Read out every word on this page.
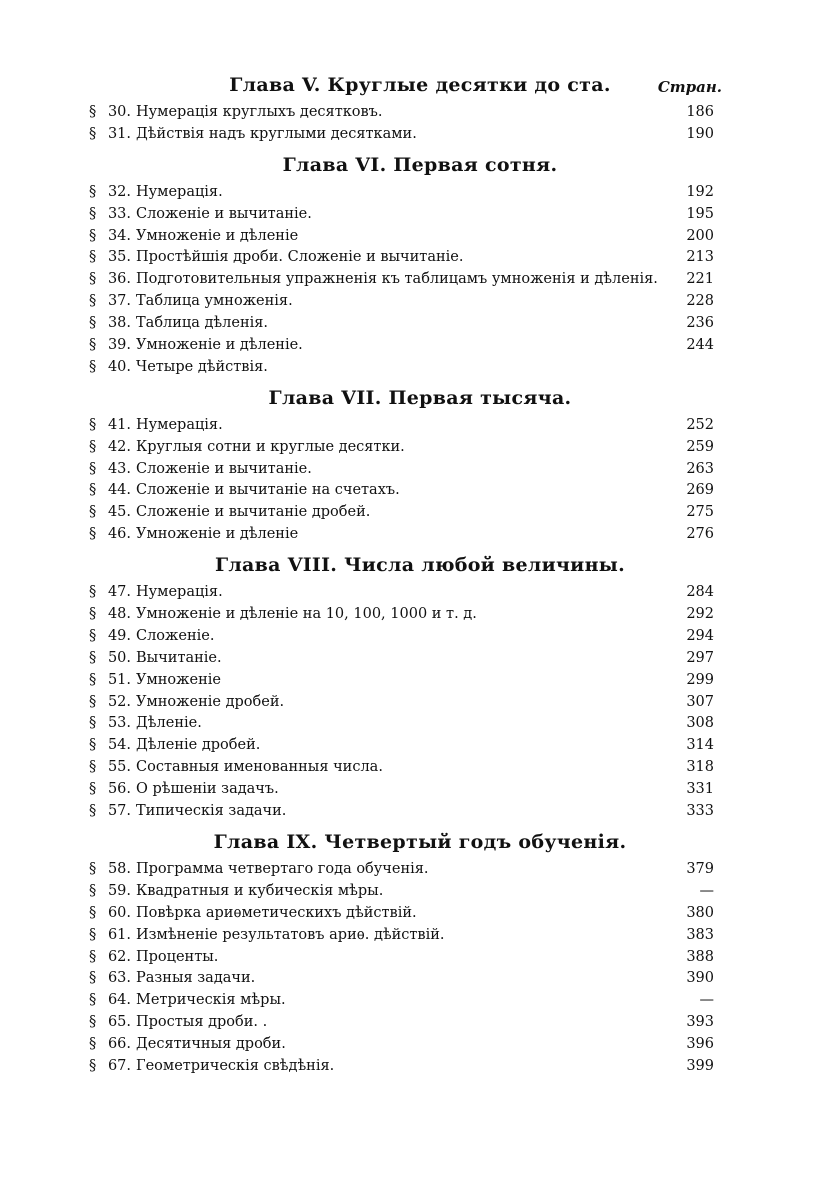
Глава V. Круглые десятки до ста.	Стран.
§ 30. Нумерація круглыхъ десятковъ.	186
§ 31. Дѣйствія надъ круглыми десятками.	190
Глава VI. Первая сотня.
§ 32. Нумерація.	192
§ 33. Сложеніе и вычитаніе.	195
§ 34. Умноженіе и дѣленіе	200
§ 35. Простѣйшія дроби. Сложеніе и вычитаніе.	213
§ 36. Подготовительныя упражненія къ таблицамъ умноженія и дѣленія.	221
§ 37. Таблица умноженія.	228
§ 38. Таблица дѣленія.	236
§ 39. Умноженіе и дѣленіе.	244
§ 40. Четыре дѣйствія.
Глава VII. Первая тысяча.
§ 41. Нумерація.	252
§ 42. Круглыя сотни и круглые десятки.	259
§ 43. Сложеніе и вычитаніе.	263
§ 44. Сложеніе и вычитаніе на счетахъ.	269
§ 45. Сложеніе и вычитаніе дробей.	275
§ 46. Умноженіе и дѣленіе	276
Глава VIII. Числа любой величины.
§ 47. Нумерація.	284
§ 48. Умноженіе и дѣленіе на 10, 100, 1000 и т. д.	292
§ 49. Сложеніе.	294
§ 50. Вычитаніе.	297
§ 51. Умноженіе	299
§ 52. Умноженіе дробей.	307
§ 53. Дѣленіе.	308
§ 54. Дѣленіе дробей.	314
§ 55. Составныя именованныя числа.	318
§ 56. О рѣшеніи задачъ.	331
§ 57. Типическія задачи.	333
Глава IX. Четвертый годъ обученія.
§ 58. Программа четвертаго года обученія.	379
§ 59. Квадратныя и кубическія мѣры.	—
§ 60. Повѣрка ариѳметическихъ дѣйствій.	380
§ 61. Измѣненіе результатовъ ариѳ. дѣйствій.	383
§ 62. Проценты.	388
§ 63. Разныя задачи.	390
§ 64. Метрическія мѣры.	—
§ 65. Простыя дроби. .	393
§ 66. Десятичныя дроби.	396
§ 67. Геометрическія свѣдѣнія.	399
